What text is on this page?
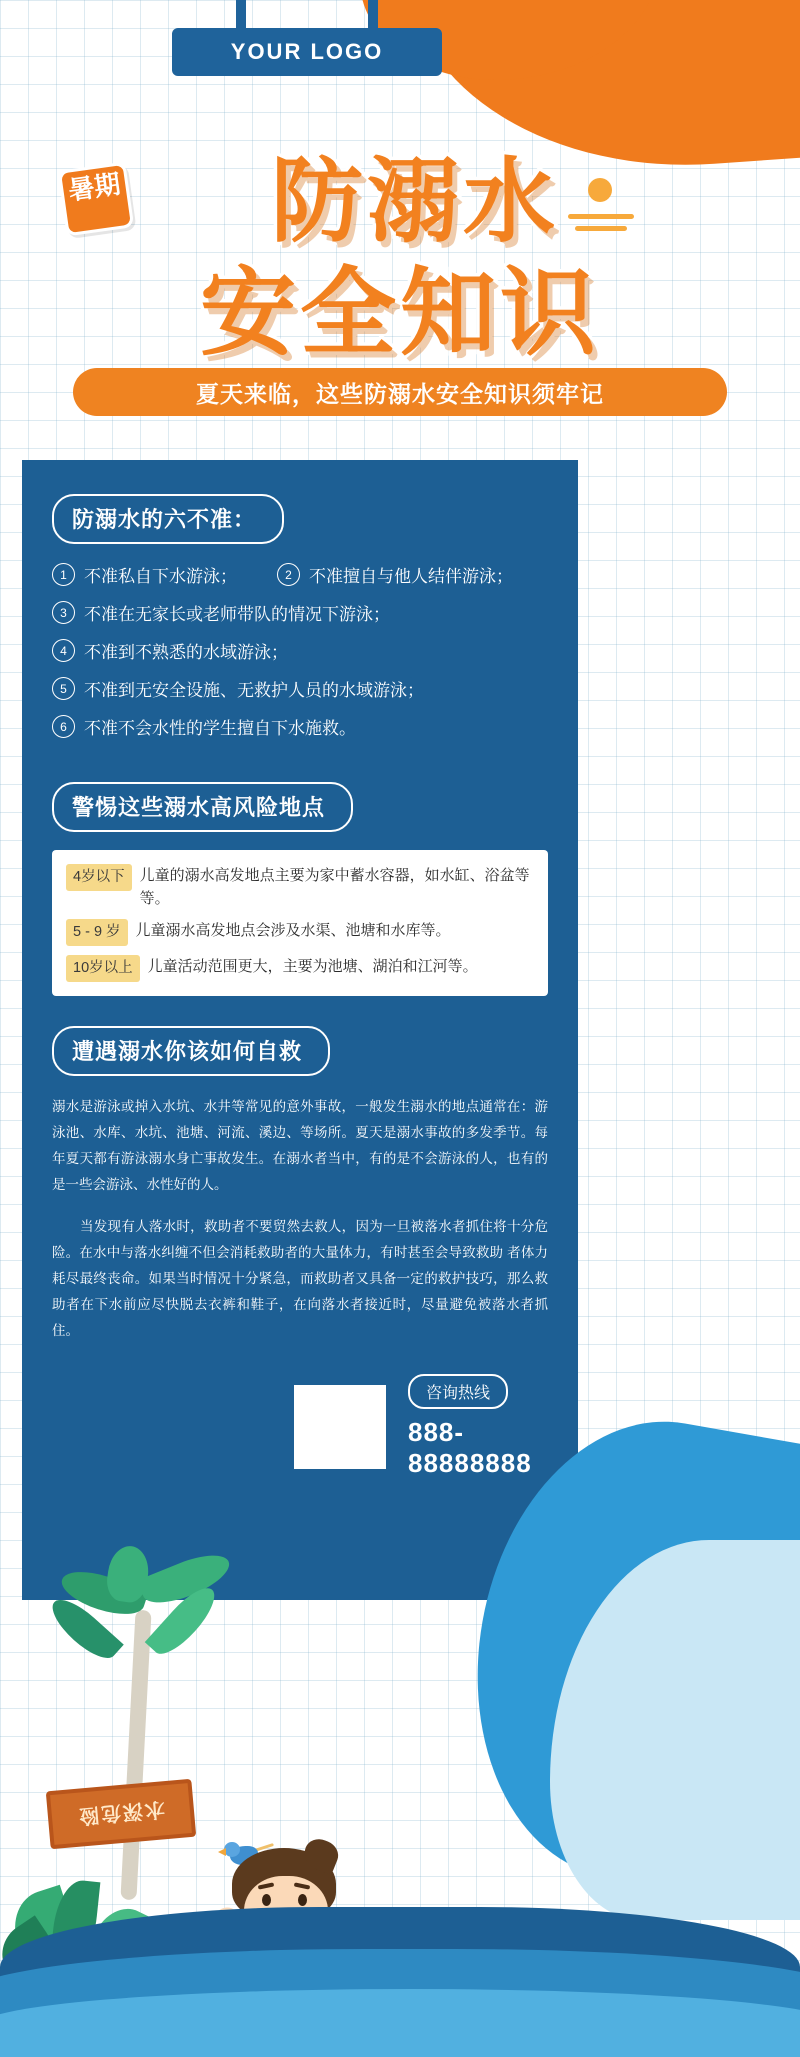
YOUR LOGO
暑期	防溺水
安全知识
夏天来临，这些防溺水安全知识须牢记
防溺水的六不准：
1	不准私自下水游泳；	2	不准擅自与他人结伴游泳；
3	不准在无家长或老师带队的情况下游泳；
4	不准到不熟悉的水域游泳；
5	不准到无安全设施、无救护人员的水域游泳；
6	不准不会水性的学生擅自下水施救。
警惕这些溺水高风险地点
4岁以下	儿童的溺水高发地点主要为家中蓄水容器，如水缸、浴盆等等。
5 - 9 岁	儿童溺水高发地点会涉及水渠、池塘和水库等。
10岁以上	儿童活动范围更大，主要为池塘、湖泊和江河等。
遭遇溺水你该如何自救
溺水是游泳或掉入水坑、水井等常见的意外事故，一般发生溺水的地点通常在：游泳池、水库、水坑、池塘、河流、溪边、等场所。夏天是溺水事故的多发季节。每年夏天都有游泳溺水身亡事故发生。在溺水者当中，有的是不会游泳的人，也有的是一些会游泳、水性好的人。
当发现有人落水时，救助者不要贸然去救人，因为一旦被落水者抓住将十分危险。在水中与落水纠缠不但会消耗救助者的大量体力，有时甚至会导致救助 者体力耗尽最终丧命。如果当时情况十分紧急，而救助者又具备一定的救护技巧，那么救助者在下水前应尽快脱去衣裤和鞋子，在向落水者接近时，尽量避免被落水者抓住。
咨询热线
888-88888888
水深危险
